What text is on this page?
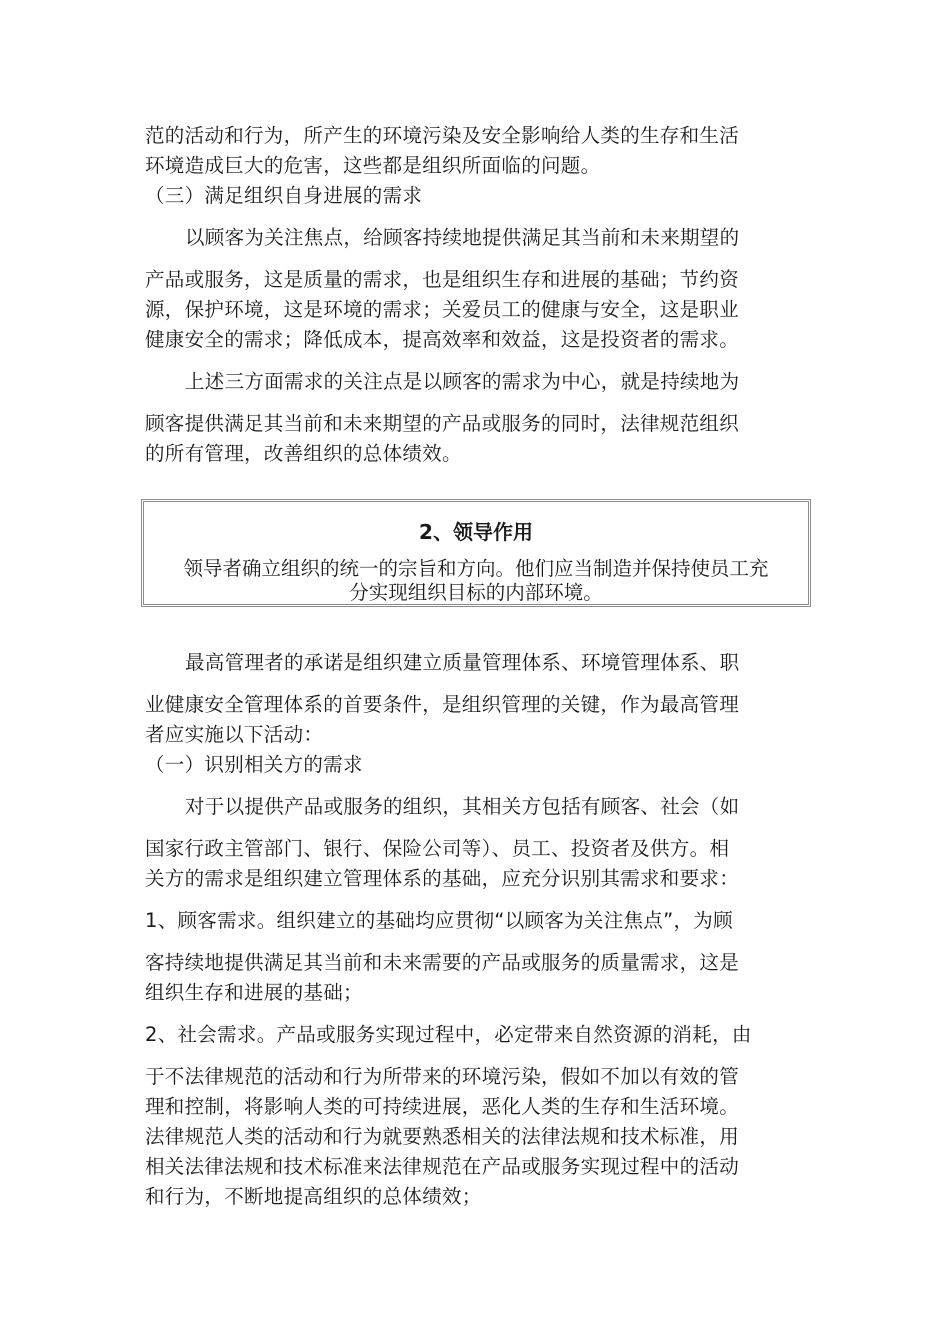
范的活动和行为，所产生的环境污染及安全影响给人类的生存和生活
环境造成巨大的危害，这些都是组织所面临的问题。
（三）满足组织自身进展的需求
以顾客为关注焦点，给顾客持续地提供满足其当前和未来期望的
产品或服务，这是质量的需求，也是组织生存和进展的基础；节约资
源，保护环境，这是环境的需求；关爱员工的健康与安全，这是职业
健康安全的需求；降低成本，提高效率和效益，这是投资者的需求。
上述三方面需求的关注点是以顾客的需求为中心，就是持续地为
顾客提供满足其当前和未来期望的产品或服务的同时，法律规范组织
的所有管理，改善组织的总体绩效。
2、领导作用
领导者确立组织的统一的宗旨和方向。他们应当制造并保持使员工充
分实现组织目标的内部环境。
最高管理者的承诺是组织建立质量管理体系、环境管理体系、职
业健康安全管理体系的首要条件，是组织管理的关键，作为最高管理
者应实施以下活动：
（一）识别相关方的需求
对于以提供产品或服务的组织，其相关方包括有顾客、社会（如
国家行政主管部门、银行、保险公司等）、员工、投资者及供方。相
关方的需求是组织建立管理体系的基础，应充分识别其需求和要求：
1、顾客需求。组织建立的基础均应贯彻“以顾客为关注焦点”，为顾
客持续地提供满足其当前和未来需要的产品或服务的质量需求，这是
组织生存和进展的基础；
2、社会需求。产品或服务实现过程中，必定带来自然资源的消耗，由
于不法律规范的活动和行为所带来的环境污染，假如不加以有效的管
理和控制，将影响人类的可持续进展，恶化人类的生存和生活环境。
法律规范人类的活动和行为就要熟悉相关的法律法规和技术标准，用
相关法律法规和技术标准来法律规范在产品或服务实现过程中的活动
和行为，不断地提高组织的总体绩效；
